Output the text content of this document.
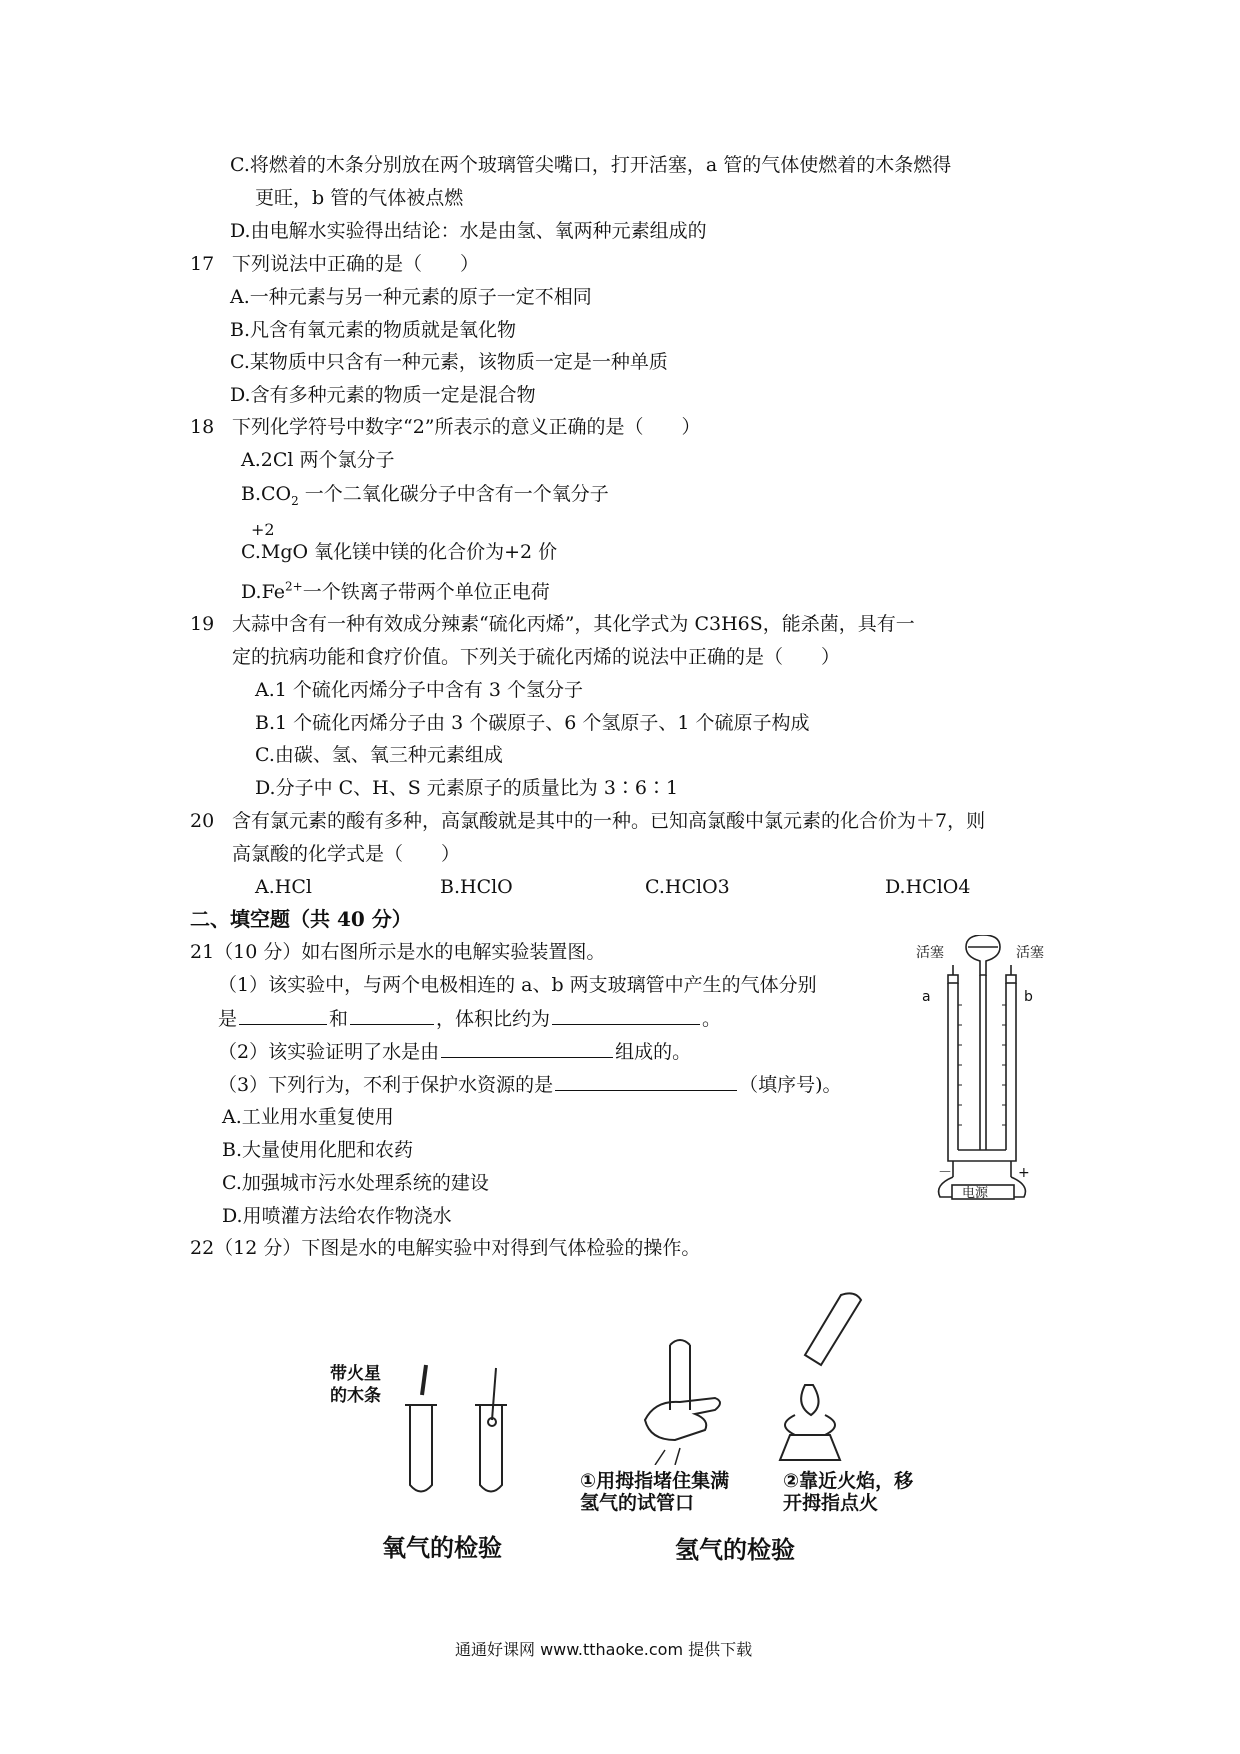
C.将燃着的木条分别放在两个玻璃管尖嘴口，打开活塞，a 管的气体使燃着的木条燃得
更旺，b 管的气体被点燃
D.由电解水实验得出结论：水是由氢、氧两种元素组成的
17 下列说法中正确的是（　　）
A.一种元素与另一种元素的原子一定不相同
B.凡含有氧元素的物质就是氧化物
C.某物质中只含有一种元素，该物质一定是一种单质
D.含有多种元素的物质一定是混合物
18 下列化学符号中数字“2”所表示的意义正确的是（　　）
A.2Cl 两个氯分子
$B.CO_2$ 一个二氧化碳分子中含有一个氧分子
+2
C.MgO 氧化镁中镁的化合价为+2 价
$D.Fe^{2+}$一个铁离子带两个单位正电荷
19 大蒜中含有一种有效成分辣素“硫化丙烯”，其化学式为 C3H6S，能杀菌，具有一
定的抗病功能和食疗价值。下列关于硫化丙烯的说法中正确的是（　　）
A.1 个硫化丙烯分子中含有 3 个氢分子
B.1 个硫化丙烯分子由 3 个碳原子、6 个氢原子、1 个硫原子构成
C.由碳、氢、氧三种元素组成
D.分子中 C、H、S 元素原子的质量比为 3∶6∶1
20 含有氯元素的酸有多种，高氯酸就是其中的一种。已知高氯酸中氯元素的化合价为＋7，则
高氯酸的化学式是（　　）
A.HCl	B.HClO	C.HClO3	D.HClO4
二、填空题（共 40 分）
21（10 分）如右图所示是水的电解实验装置图。
（1）该实验中，与两个电极相连的 a、b 两支玻璃管中产生的气体分别
是	和	，体积比约为	。
（2）该实验证明了水是由	组成的。
（3）下列行为，不利于保护水资源的是	（填序号)。
A.工业用水重复使用
B.大量使用化肥和农药
C.加强城市污水处理系统的建设
D.用喷灌方法给农作物浇水
活塞	活塞
a	b
－	+
电源
22（12 分）下图是水的电解实验中对得到气体检验的操作。
带火星
的木条
①用拇指堵住集满
氢气的试管口
②靠近火焰，移
开拇指点火
氧气的检验	氢气的检验
通通好课网 www.tthaoke.com 提供下载
